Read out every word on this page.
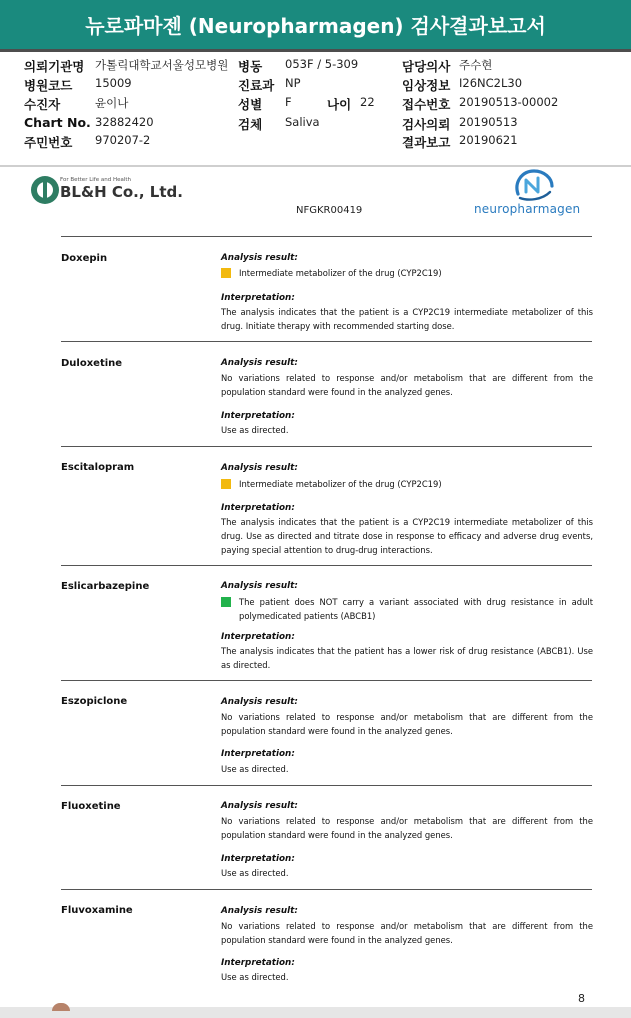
뉴로파마젠 (Neuropharmagen) 검사결과보고서
의뢰기관명 가톨릭대학교서울성모병원 병동 053F / 5-309	담당의사 주수현
병원코드 15009	진료과 NP	임상정보 I26NC2L30
수진자	윤이나	성별 F	나이 22 접수번호 20190513-00002
Chart No. 32882420	검체 Saliva	검사의뢰 20190513
주민번호 970207-2	결과보고 20190621
For Better Life and Health
BL&H Co., Ltd.
NFGKR00419	neuropharmagen
Doxepin	Analysis result:
Intermediate metabolizer of the drug (CYP2C19)
Interpretation:
The analysis indicates that the patient is a CYP2C19 intermediate metabolizer of this drug. Initiate therapy with recommended starting dose.
Duloxetine	Analysis result:
No variations related to response and/or metabolism that are different from the population standard were found in the analyzed genes.
Interpretation:
Use as directed.
Escitalopram	Analysis result:
Intermediate metabolizer of the drug (CYP2C19)
Interpretation:
The analysis indicates that the patient is a CYP2C19 intermediate metabolizer of this drug. Use as directed and titrate dose in response to efficacy and adverse drug events, paying special attention to drug-drug interactions.
Eslicarbazepine	Analysis result:
The patient does NOT carry a variant associated with drug resistance in adult polymedicated patients (ABCB1)
Interpretation:
The analysis indicates that the patient has a lower risk of drug resistance (ABCB1). Use as directed.
Eszopiclone	Analysis result:
No variations related to response and/or metabolism that are different from the population standard were found in the analyzed genes.
Interpretation:
Use as directed.
Fluoxetine	Analysis result:
No variations related to response and/or metabolism that are different from the population standard were found in the analyzed genes.
Interpretation:
Use as directed.
Fluvoxamine	Analysis result:
No variations related to response and/or metabolism that are different from the population standard were found in the analyzed genes.
Interpretation:
Use as directed.
8
